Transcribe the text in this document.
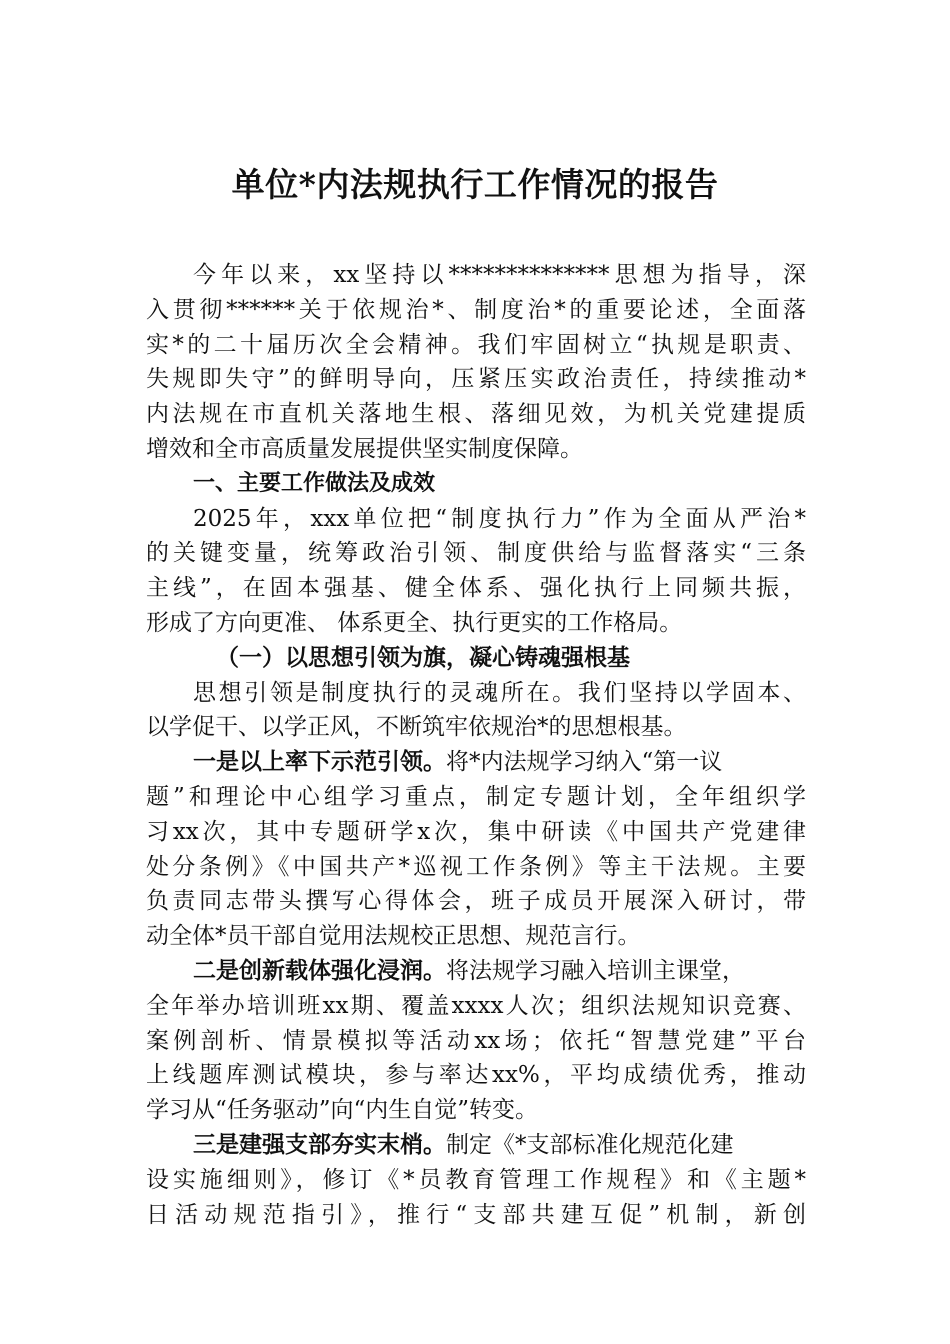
单位*内法规执行工作情况的报告
今年以来，xx坚持以**************思想为指导，深
入贯彻******关于依规治*、制度治*的重要论述，全面落
实*的二十届历次全会精神。我们牢固树立“执规是职责、
失规即失守”的鲜明导向，压紧压实政治责任，持续推动*
内法规在市直机关落地生根、落细见效，为机关党建提质
增效和全市高质量发展提供坚实制度保障。
一、主要工作做法及成效
2025年，xxx单位把“制度执行力”作为全面从严治*
的关键变量，统筹政治引领、制度供给与监督落实“三条
主线”，在固本强基、健全体系、强化执行上同频共振，
形成了方向更准、 体系更全、执行更实的工作格局。
（一）以思想引领为旗，凝心铸魂强根基
思想引领是制度执行的灵魂所在。我们坚持以学固本、
以学促干、以学正风，不断筑牢依规治*的思想根基。
一是以上率下示范引领。将*内法规学习纳入“第一议
题”和理论中心组学习重点，制定专题计划，全年组织学
习xx次，其中专题研学x次，集中研读《中国共产党建律
处分条例》《中国共产*巡视工作条例》等主干法规。主要
负责同志带头撰写心得体会，班子成员开展深入研讨，带
动全体*员干部自觉用法规校正思想、规范言行。
二是创新载体强化浸润。将法规学习融入培训主课堂，
全年举办培训班xx期、覆盖xxxx人次；组织法规知识竞赛、
案例剖析、情景模拟等活动xx场；依托“智慧党建”平台
上线题库测试模块，参与率达xx%，平均成绩优秀，推动
学习从“任务驱动”向“内生自觉”转变。
三是建强支部夯实末梢。制定《*支部标准化规范化建
设实施细则》，修订《*员教育管理工作规程》和《主题*
日活动规范指引》，推行“支部共建互促”机制，新创
